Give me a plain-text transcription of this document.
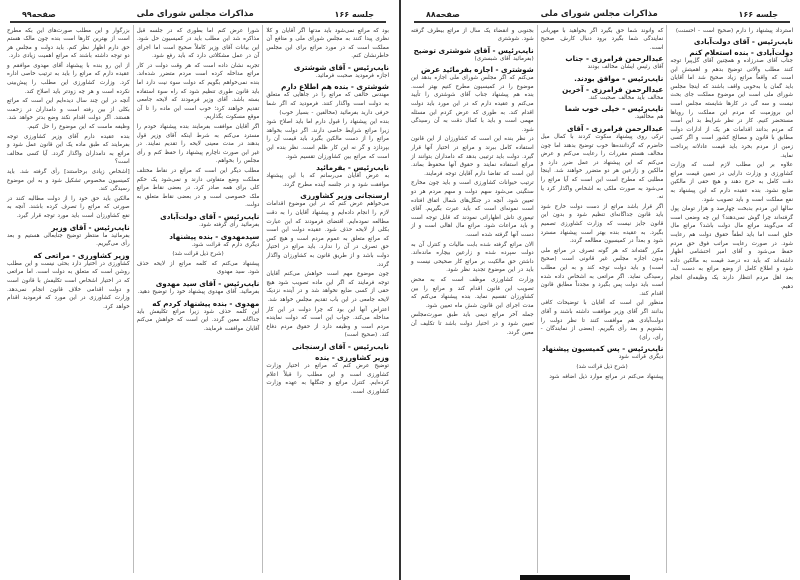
صفحه۸۸	مذاکرات مجلس شورای ملی	جلسه ۱۶۶

استرداد پیشنهاد را دارم (صحیح است - احسنت)

نایب‌رئیس - آقای دولت‌آبادی

دولت‌آبادی - بنده استعلام کنم

جناب آقای صدرزاده و همچنین آقای گل‌پیرا توجه کنند مطلب والاتی توضیح بدهم و اهمیتش این است که واقعاً مراتع زیاد صحیح شد اما آقایان باید گمان یا به‌خوبی واقف باشند که اینجا مجلس شورای ملی است این موضوع مملکت جای بحث نیست و سه گی در کارها شایسته مجلس است این بروزمیت که مردم این مملکت را رویاها مستحضر کنیم. کار در نظر شرایط بد این است که مردم بدانند اقدامات هر یک از ادارات دولت مطابق با قانون و مصالح کشور است و اگر کسی زمین از مردم بخرد باید قیمت عادلانه پرداخت نماید.

علاوه بر این مطلب لازم است که وزارت کشاورزی و وزارت دارایی در تعیین قیمت مراتع دقت کامل به خرج دهند و هیچ حقی از مالکین ضایع نشود. بنده عقیده دارم که این پیشنهاد به نفع مملکت است و باید تصویب شود.

سالها این مردم بدبخت چهارصد و هزار تومان پول گرفته‌اند چرا گوش نمی‌دهند؟ این چه وضعی است که می‌گویند مراتع مال دولت باشد؟ مراتع مال خلق است اما باید لطفاً حقوق دولت هم رعایت شود. در صورت رعایت مراتب فوق حق مردم حفظ می‌شود و آقای امیر احتشامی اظهار داشته‌اند که باید ده درصد قیمت به مالکین داده شود و اطلاع کامل از وضع مراتع به دست آید. بعد اهل مردم انتظار دارند یک وظیفه‌ای انجام دهیم.

که وانوند شما حق بگیرد اگر بخواهید با مهربانی نمایندگی شما بگیرد برود دنبال کارش. صحیح است.

عبدالرحمن فرامرزی - جناب

آقای رئیس ایشان مخالف بودند

نایب‌رئیس - موافق بودند.

عبدالرحمن فرامرزی - آخرین

مخالف باید مخالف صحبت کند.

نایب‌رئیس - خیلی خوب شما

هم مخالفید.

عبدالرحمن فرامرزی - آقای

ترکی روی پیشنهاد سکوت کردند با کمال میل حاضرم که گرداننده‌ها خوب توضیح بدهند اما چون مخالف هستم مقررات را رعایت می‌کنم و عرض می‌کنم که این پیشنهاد در عمل ضرر دارد و مالکین و زارعین هر دو متضرر خواهند شد. اینجا مطلبی که مطرح است این است که آیا مراتع را می‌شود به صورت ملکی به اشخاص واگذار کرد یا نه.

اگر قرار باشد مراتع از دست دولت خارج شود باید قانون جداگانه‌ای تنظیم شود و بدون این قانون جایز نیست که وزارت کشاورزی تصمیم بگیرد. به عقیده بنده بهتر است پیشنهاد مسترد شود و بعداً در کمیسیون مطالعه گردد.

مکرر گفته‌اند که هر گونه تصرف در مراتع ملی بدون اجازه مجلس غیر قانونی است (صحیح است) و باید دولت توجه کند و به این مطلب رسیدگی نماید. اگر مراتعی به اشخاص داده شده است باید دولت پس بگیرد و مجدداً مطابق قانون اقدام کند.

منظور این است که آقایان با توضیحات کافی بدانند اگر آقای وزیر موافقت داشته باشند و آقای دولت‌آبادی هم موافقت کنند تا نظر دولت را بشنویم و بعد رأی بگیریم. (بعضی از نمایندگان - رأی، رأی)

نایب‌رئیس - پس کمیسیون پیشنهاد

دیگری قرائت شود

(شرح ذیل قرائت شد)

پیشنهاد می‌کنم در مراتع موارد ذیل اضافه شود

بجنوبی و انقضاء یک سال از مراتع بیطرف گرفته شود. شوشتری

نایب‌رئیس - آقای شوشتری توضیح

(بفرمائید آقای شبستری)

شوشتری - اجازه بفرمائید عرض

می‌کنم که اگر مجلس شورای ملی اجازه بدهد این موضوع را در کمیسیون مطرح کنیم بهتر است. بنده هم پیشنهاد جناب آقای شوشتری را تأیید می‌کنم و عقیده دارم که در این مورد باید دولت اقدام کند. به طوری که عرض کردم این مسئله مهمی است و باید با کمال دقت به آن رسیدگی شود.

در نظر بنده این است که کشاورزان از این قانون استفاده کامل ببرند و مراتع در اختیار آنها قرار گیرد. دولت باید ترتیبی بدهد که دامداران بتوانند از مراتع استفاده نمایند و حقوق آنها محفوظ بماند. این است که تقاضا دارم آقایان توجه فرمایند.

ترتیب حیوانات کشاورزی است و باید چون مخارج سنگینی می‌شود سهم دولت و سهم مردم هر دو تعیین شود. آنچه در جنگل‌های شمال اتفاق افتاده است نمونه‌ای است که باید عبرت بگیریم. آقای تیموری تاش اظهاراتی نمودند که قابل توجه است و باید مراعات شود. مراتع مال اهالی است و از دست آنها گرفته شده است.

الان مراتع گرفته شده بابت مالیات و کنترل آن به دولت سپرده شده و زارعین بیچاره مانده‌اند. داشتن حق مالکیت بر مراتع کار صحیحی نیست و باید در این موضوع تجدید نظر شود.

وزارت کشاورزی موظف است که به محض تصویب این قانون اقدام کند و مراتع را بین کشاورزان تقسیم نماید. بنده پیشنهاد می‌کنم که مدت اجرای این قانون شش ماه تعیین شود.

جمله آخر مراتع دیمی باید طبق صورت‌مجلس تعیین شود و در اختیار دولت باشد تا تکلیف آن معین گردد.

صفحه۹۹	مذاکرات مجلس شورای ملی	جلسه ۱۶۶

بود که مراتع نمی‌شود باید مدتها اگر آقایان و کلا نظری پیدا کنند به مجلس شورای ملی و منافع آن مملکت است که در مورد مراتع برای این مجلس خاطرنشان کنم.

نایب‌رئیس - آقای شوشتری

اجازه فرمودید صحبت فرمائید.

شوشتری - بنده هم اطلاع دارم

مهندس خالقی که مراتع را در جاهایی که متعلق به دولت است واگذار کنند. فرمودید که اگر شما حرفی دارید بفرمائید (مخالفین - بسیار خوب)

بنده این پیشنهاد را قبول دارم اما باید اصلاح شود زیرا مراتع شرایط خاصی دارند. اگر دولت بخواهد مراتع را از دست مالکین بگیرد باید قیمت آن را بپردازد و گر نه این کار ظلم است. نظر بنده این است که مراتع بین کشاورزان تقسیم شود.

نایب‌رئیس - بفرمائید

به عرض آقایان می‌رسانم که با این پیشنهاد موافقت شود و در جلسه آینده مطرح گردد.

ارسنجانی وزیر کشاورزی

می‌خواهم عرض کنم که در این موضوع اقدامات لازم را انجام داده‌ایم و پیشنهاد آقایان را به دقت مطالعه نموده‌ایم. اقتضای فرمودند که این عبارت بکلی از لایحه حذف شود. عقیده دولت این است که مراتع متعلق به عموم مردم است و هیچ کس حق تصرف در آن را ندارد. باید مراتع در اختیار دولت باشد و از طریق قانون به کشاورزان واگذار گردد.

چون موضوع مهم است خواهش می‌کنم آقایان توجه فرمایند که اگر این ماده تصویب شود هیچ حقی از کسی ضایع نخواهد شد و در آینده نزدیک لایحه جامعی در این باب تقدیم مجلس خواهد شد.

اعتراض آنها این بود که چرا دولت در این کار مداخله می‌کند. جواب این است که دولت نماینده مردم است و وظیفه دارد از حقوق مردم دفاع کند. (صحیح است)

نایب‌رئیس - آقای ارسنجانی

وزیر کشاورزی - بنده

توضیح عرض کنم که مراتع در اختیار وزارت کشاورزی است و این مطلب را قبلاً اعلام کرده‌ایم. کنترل مراتع و جنگلها به عهده وزارت کشاورزی است.

شورا عرض کنم اما بطوری که در جلسه قبل مذاکره شد این مطلب باید در کمیسیون حل شود. این بیانات آقای وزیر کاملاً صحیح است اما اجرای آن در عمل مشکلاتی دارد که باید رفع شود.

تجربه نشان داده است که هر وقت دولت در کار مراتع مداخله کرده است مردم متضرر شده‌اند. بنده نمی‌خواهم بگویم که دولت سوء نیت دارد اما باید قانون طوری تنظیم شود که راه سوء استفاده بسته باشد. آقای وزیر فرمودند که لایحه جامعی تقدیم خواهند کرد؛ خوب است این ماده را تا آن موقع مسکوت بگذاریم.

اگر آقایان موافقت بفرمایند بنده پیشنهاد خودم را مسترد می‌کنم به شرط اینکه آقای وزیر قول بدهند در مدت معینی لایحه را تقدیم نمایند. در غیر این صورت ناچارم پیشنهاد را حفظ کنم و رأی مجلس را بخواهم.

مطلب دیگر این است که مراتع در نقاط مختلف مملکت وضع متفاوتی دارند و نمی‌شود یک حکم کلی برای همه صادر کرد. در بعضی نقاط مراتع ملک خصوصی است و در بعضی نقاط متعلق به دولت.

نایب‌رئیس - آقای دولت‌آبادی

بفرمائید رأی گرفته شود.

سیدمهدوی - بنده پیشنهاد

دیگری دارم که قرائت شود.

(شرح ذیل قرائت شد)

پیشنهاد می‌کنم که کلمه مراتع از لایحه حذف شود. سید مهدوی

نایب‌رئیس - آقای سید مهدوی

بفرمائید. آقای مهدوی پیشنهاد خود را توضیح دهید.

مهدوی - بنده پیشنهاد کردم که

این کلمه حذف شود زیرا مراتع تکلیفش باید جداگانه معین گردد. این است که خواهش می‌کنم آقایان موافقت فرمایند.

بزرگوار و این مطلب صورت‌های این بکه مطرح است از بهترین کارها است بنده چون مالک هستم حق دارم اظهار نظر کنم. باید دولت و مجلس هر دو توجه داشته باشند که مراتع اهمیت زیادی دارد.

از این رو بنده با پیشنهاد آقای مهدوی موافقم و عقیده دارم که مراتع را باید به ترتیب خاصی اداره کرد. وزارت کشاورزی این مطلب را پیش‌بینی نکرده است و هر چه زودتر باید اصلاح کند.

آنچه در این چند سال دیده‌ایم این است که مراتع بکلی از بین رفته است و دامداران در زحمت هستند. اگر دولت اقدام نکند وضع بدتر خواهد شد. وظیفه ماست که این موضوع را حل کنیم.

بنده عقیده دارم آقای وزیر کشاورزی توجه بفرمایند که طبق ماده یک این قانون عمل شود و مراتع به دامداران واگذار گردد. آیا کسی مخالف است؟

[اشخاص زیادی برخاستند] رأی گرفته شد. باید کمیسیون مخصوص تشکیل شود و به این موضوع رسیدگی کند.

مالکین باید حق خود را از دولت مطالبه کنند در صورتی که مراتع را تصرف کرده باشند. آنچه به نفع کشاورزان است باید مورد توجه قرار گیرد.

نایب‌رئیس - آقای وزیر

بفرمائید ما منتظر توضیح جنابعالی هستیم و بعد رأی می‌گیریم.

وزیر کشاورزی - مراتعی که

کشاورزی در اختیار دارد بحثی نیست و این مطلب روشن است که متعلق به دولت است. اما مراتعی که در اختیار اشخاص است تکلیفش با قانون است و دولت اقدامی خلاف قانون انجام نمی‌دهد. وزارت کشاورزی در این مورد که فرمودید اقدام خواهد کرد.
